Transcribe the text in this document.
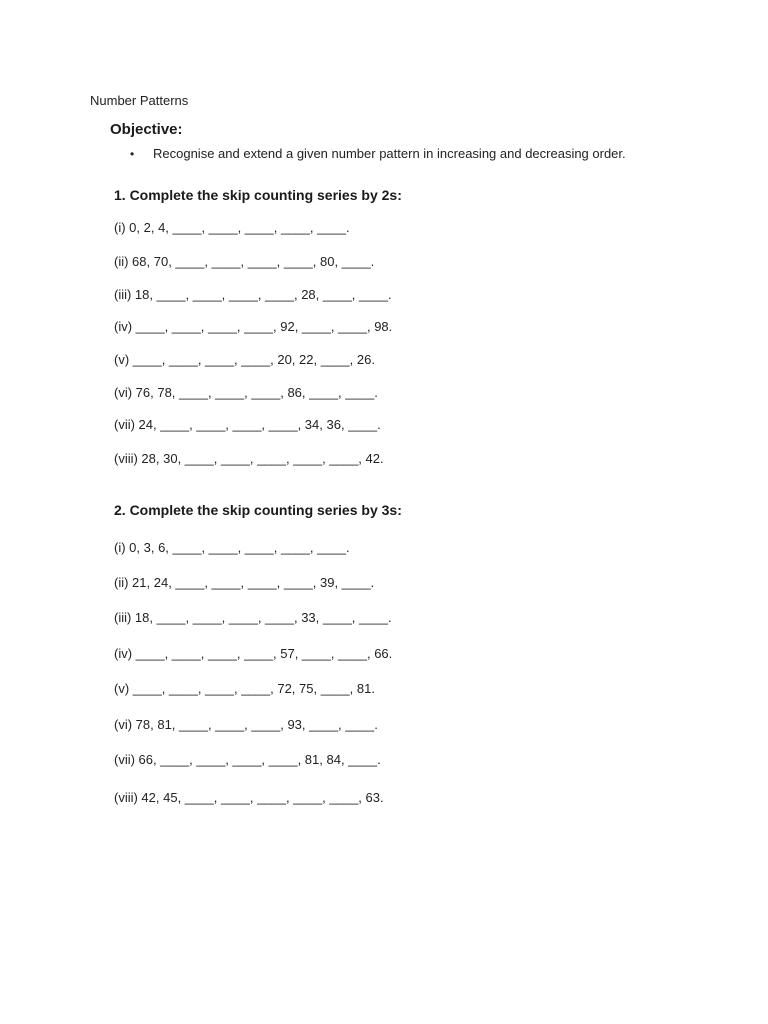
Number Patterns
Objective:
• Recognise and extend a given number pattern in increasing and decreasing order.
1. Complete the skip counting series by 2s:
(i) 0, 2, 4, ____, ____, ____, ____, ____.
(ii) 68, 70, ____, ____, ____, ____, 80, ____.
(iii) 18, ____, ____, ____, ____, 28, ____, ____.
(iv) ____, ____, ____, ____, 92, ____, ____, 98.
(v) ____, ____, ____, ____, 20, 22, ____, 26.
(vi) 76, 78, ____, ____, ____, 86, ____, ____.
(vii) 24, ____, ____, ____, ____, 34, 36, ____.
(viii) 28, 30, ____, ____, ____, ____, ____, 42.
2. Complete the skip counting series by 3s:
(i) 0, 3, 6, ____, ____, ____, ____, ____.
(ii) 21, 24, ____, ____, ____, ____, 39, ____.
(iii) 18, ____, ____, ____, ____, 33, ____, ____.
(iv) ____, ____, ____, ____, 57, ____, ____, 66.
(v) ____, ____, ____, ____, 72, 75, ____, 81.
(vi) 78, 81, ____, ____, ____, 93, ____, ____.
(vii) 66, ____, ____, ____, ____, 81, 84, ____.
(viii) 42, 45, ____, ____, ____, ____, ____, 63.
